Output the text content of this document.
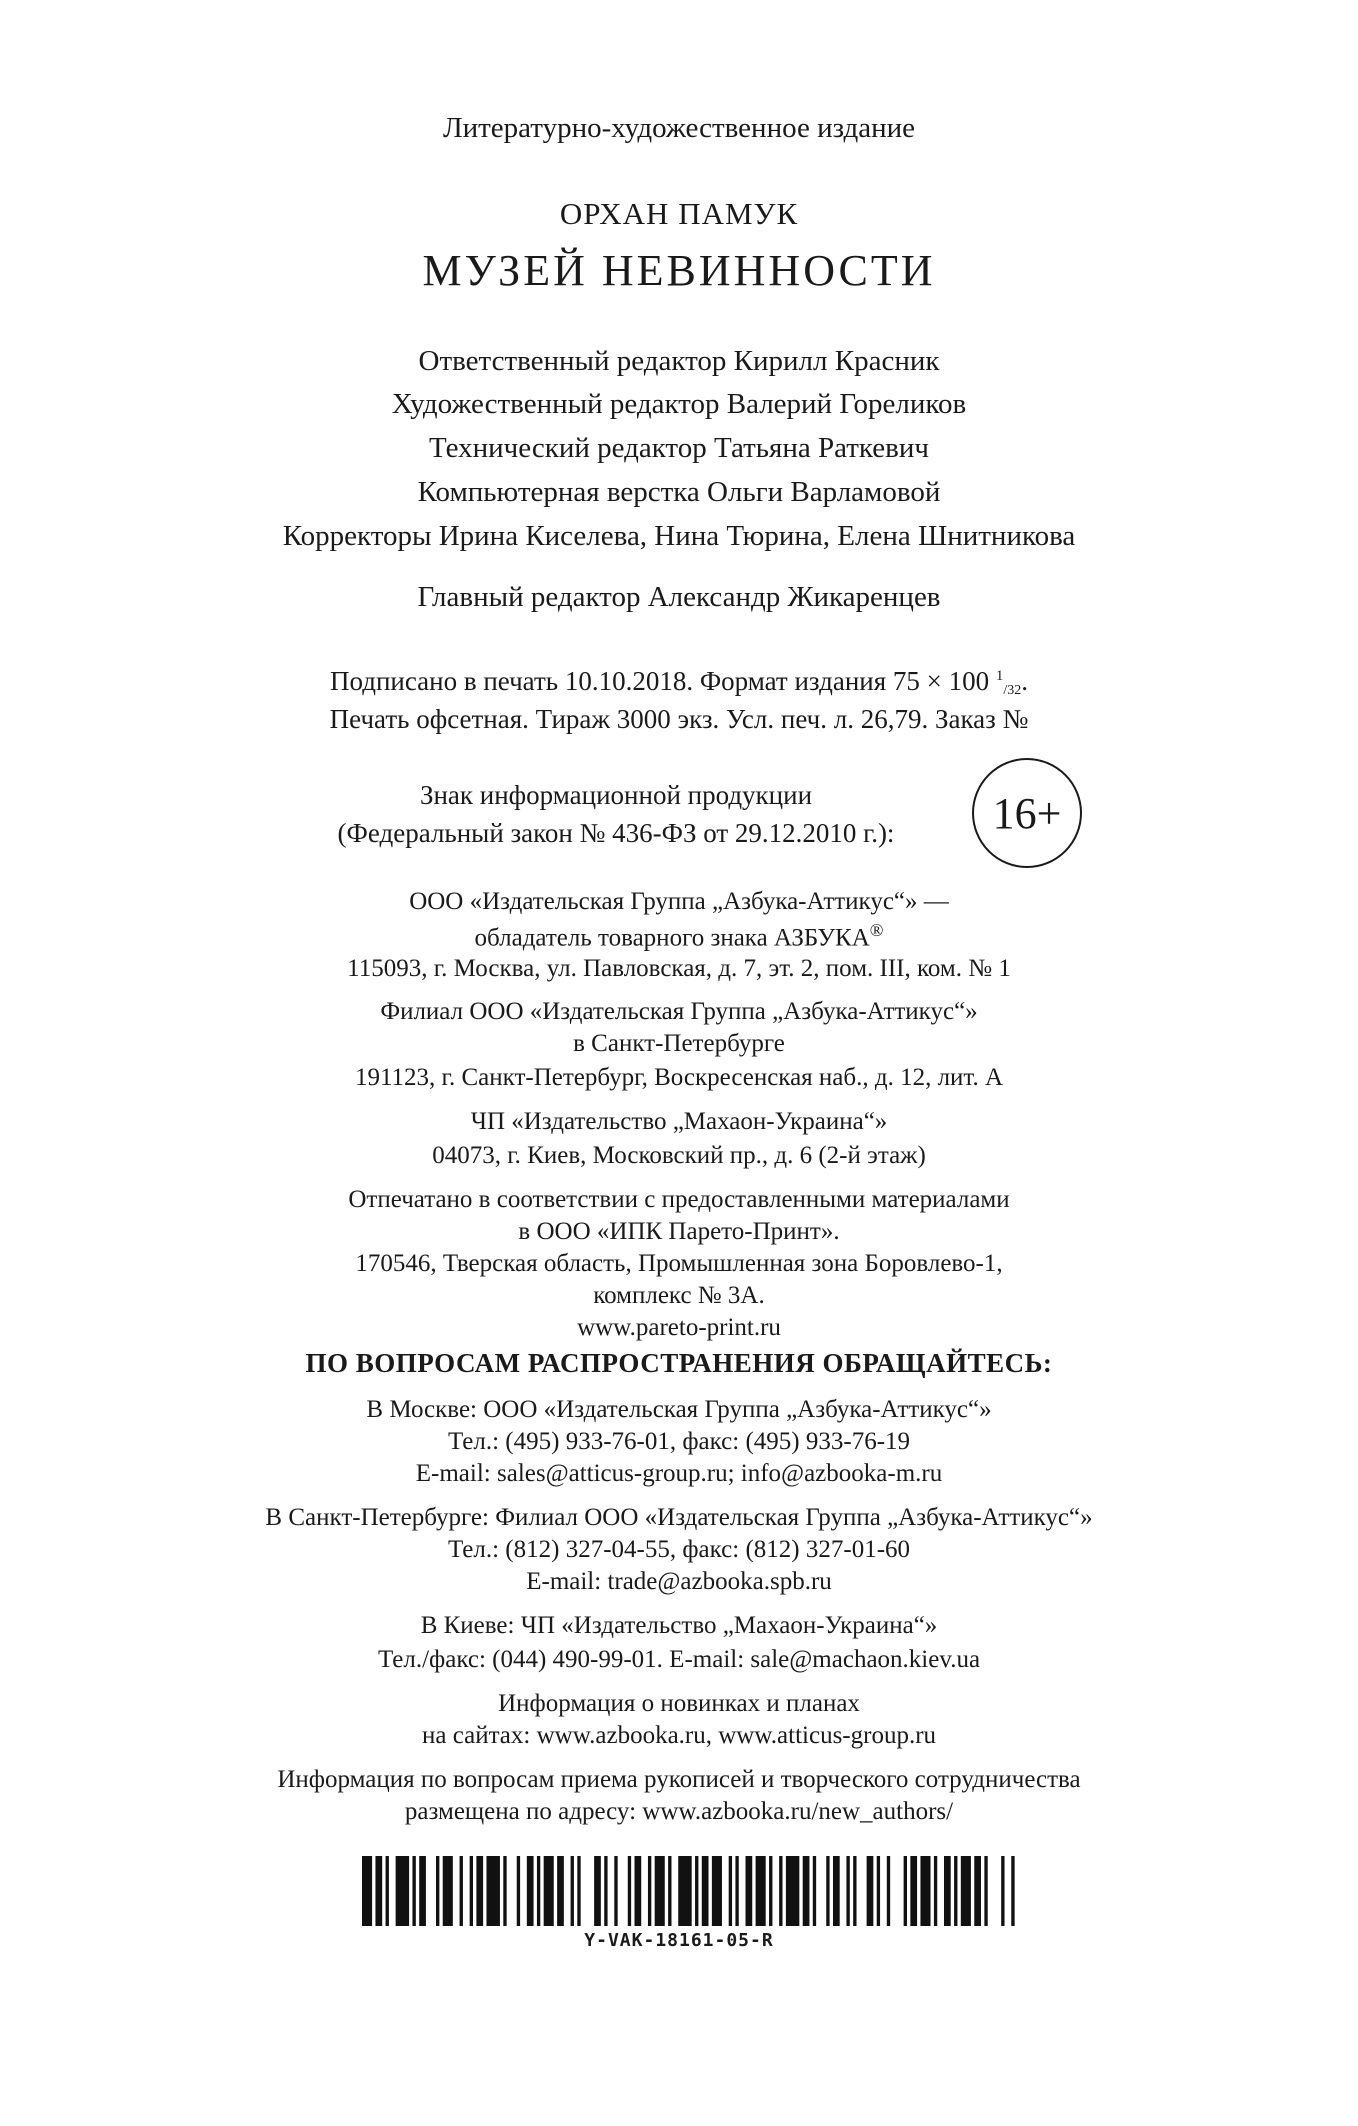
Литературно-художественное издание
ОРХАН ПАМУК
МУЗЕЙ НЕВИННОСТИ
Ответственный редактор Кирилл Красник
Художественный редактор Валерий Гореликов
Технический редактор Татьяна Раткевич
Компьютерная верстка Ольги Варламовой
Корректоры Ирина Киселева, Нина Тюрина, Елена Шнитникова
Главный редактор Александр Жикаренцев
Подписано в печать 10.10.2018. Формат издания 75 × 100 $^1_{/32}$.
Печать офсетная. Тираж 3000 экз. Усл. печ. л. 26,79. Заказ №
Знак информационной продукции
(Федеральный закон № 436-ФЗ от 29.12.2010 г.):	16+
ООО «Издательская Группа „Азбука-Аттикус“» —
обладатель товарного знака АЗБУКА®
115093, г. Москва, ул. Павловская, д. 7, эт. 2, пом. III, ком. № 1
Филиал ООО «Издательская Группа „Азбука-Аттикус“»
в Санкт-Петербурге
191123, г. Санкт-Петербург, Воскресенская наб., д. 12, лит. А
ЧП «Издательство „Махаон-Украина“»
04073, г. Киев, Московский пр., д. 6 (2-й этаж)
Отпечатано в соответствии с предоставленными материалами
в ООО «ИПК Парето-Принт».
170546, Тверская область, Промышленная зона Боровлево-1,
комплекс № 3А.
www.pareto-print.ru
ПО ВОПРОСАМ РАСПРОСТРАНЕНИЯ ОБРАЩАЙТЕСЬ:
В Москве: ООО «Издательская Группа „Азбука-Аттикус“»
Тел.: (495) 933-76-01, факс: (495) 933-76-19
E-mail: sales@atticus-group.ru; info@azbooka-m.ru
В Санкт-Петербурге: Филиал ООО «Издательская Группа „Азбука-Аттикус“»
Тел.: (812) 327-04-55, факс: (812) 327-01-60
E-mail: trade@azbooka.spb.ru
В Киеве: ЧП «Издательство „Махаон-Украина“»
Тел./факс: (044) 490-99-01. E-mail: sale@machaon.kiev.ua
Информация о новинках и планах
на сайтах: www.azbooka.ru, www.atticus-group.ru
Информация по вопросам приема рукописей и творческого сотрудничества
размещена по адресу: www.azbooka.ru/new_authors/
Y-VAK-18161-05-R
